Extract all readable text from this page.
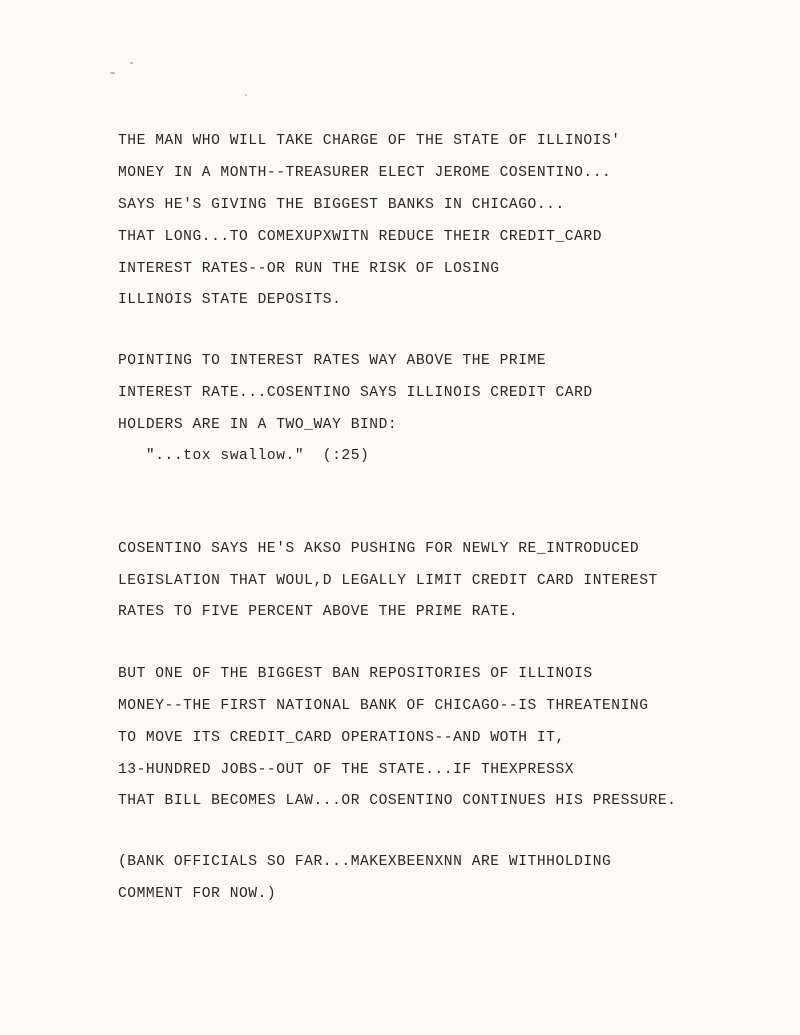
THE MAN WHO WILL TAKE CHARGE OF THE STATE OF ILLINOIS'
MONEY IN A MONTH--TREASURER ELECT JEROME COSENTINO...
SAYS HE'S GIVING THE BIGGEST BANKS IN CHICAGO...
THAT LONG...TO COMEXUPXWITN REDUCE THEIR CREDIT_CARD
INTEREST RATES--OR RUN THE RISK OF LOSING
ILLINOIS STATE DEPOSITS.
POINTING TO INTEREST RATES WAY ABOVE THE PRIME
INTEREST RATE...COSENTINO SAYS ILLINOIS CREDIT CARD
HOLDERS ARE IN A TWO_WAY BIND:
"...tox swallow."  (:25)
COSENTINO SAYS HE'S AKSO PUSHING FOR NEWLY RE_INTRODUCED
LEGISLATION THAT WOUL,D LEGALLY LIMIT CREDIT CARD INTEREST
RATES TO FIVE PERCENT ABOVE THE PRIME RATE.
BUT ONE OF THE BIGGEST BAN REPOSITORIES OF ILLINOIS
MONEY--THE FIRST NATIONAL BANK OF CHICAGO--IS THREATENING
TO MOVE ITS CREDIT_CARD OPERATIONS--AND WOTH IT,
13-HUNDRED JOBS--OUT OF THE STATE...IF THEXPRESSX
THAT BILL BECOMES LAW...OR COSENTINO CONTINUES HIS PRESSURE.
(BANK OFFICIALS SO FAR...MAKEXBEENXNN ARE WITHHOLDING
COMMENT FOR NOW.)
